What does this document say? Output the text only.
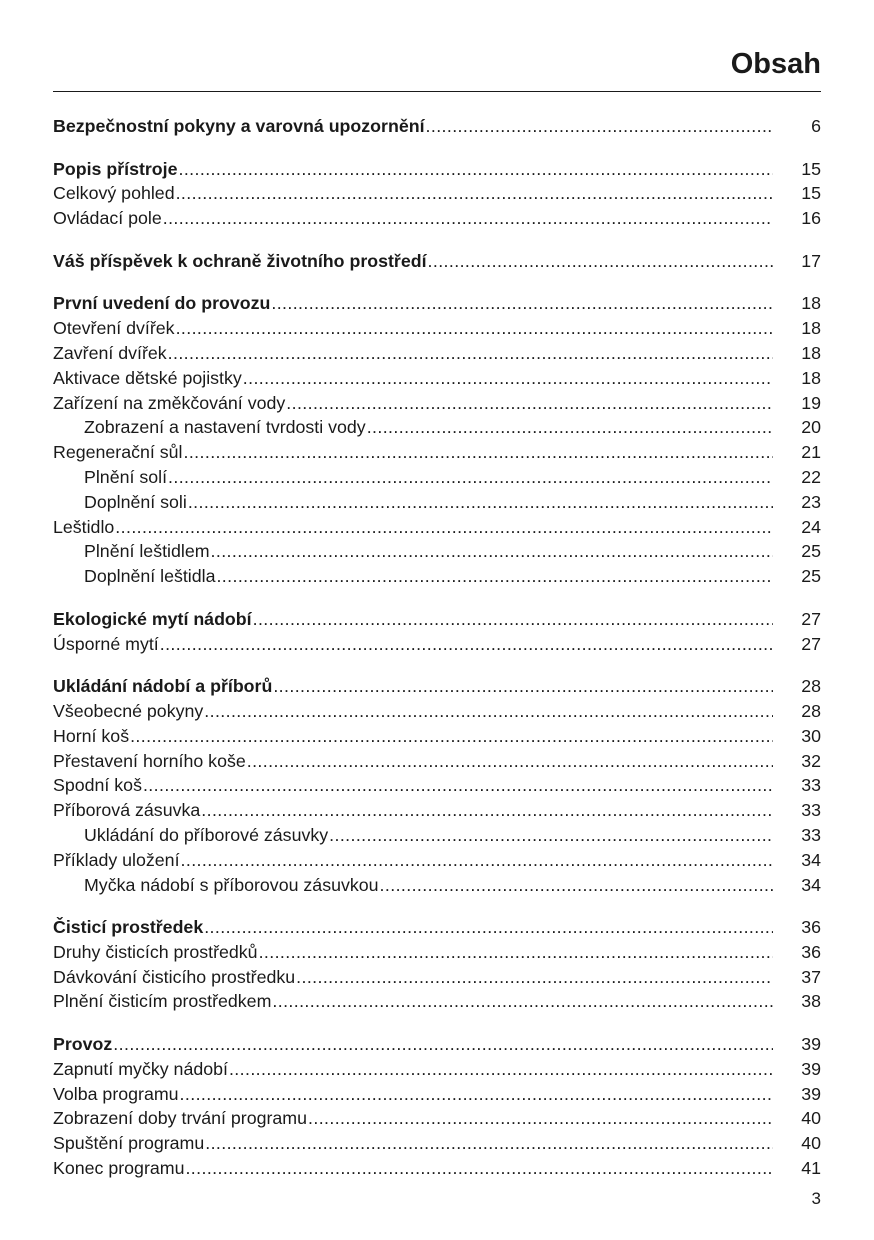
Obsah
Bezpečnostní pokyny a varovná upozornění .....	6
Popis přístroje .....	15
Celkový pohled .....	15
Ovládací pole .....	16
Váš příspěvek k ochraně životního prostředí .....	17
První uvedení do provozu .....	18
Otevření dvířek .....	18
Zavření dvířek .....	18
Aktivace dětské pojistky .....	18
Zařízení na změkčování vody .....	19
Zobrazení a nastavení tvrdosti vody .....	20
Regenerační sůl .....	21
Plnění solí .....	22
Doplnění soli .....	23
Leštidlo .....	24
Plnění leštidlem .....	25
Doplnění leštidla .....	25
Ekologické mytí nádobí .....	27
Úsporné mytí .....	27
Ukládání nádobí a příborů .....	28
Všeobecné pokyny .....	28
Horní koš .....	30
Přestavení horního koše .....	32
Spodní koš .....	33
Příborová zásuvka .....	33
Ukládání do příborové zásuvky .....	33
Příklady uložení .....	34
Myčka nádobí s příborovou zásuvkou .....	34
Čisticí prostředek .....	36
Druhy čisticích prostředků .....	36
Dávkování čisticího prostředku .....	37
Plnění čisticím prostředkem .....	38
Provoz .....	39
Zapnutí myčky nádobí .....	39
Volba programu .....	39
Zobrazení doby trvání programu .....	40
Spuštění programu .....	40
Konec programu .....	41

3
